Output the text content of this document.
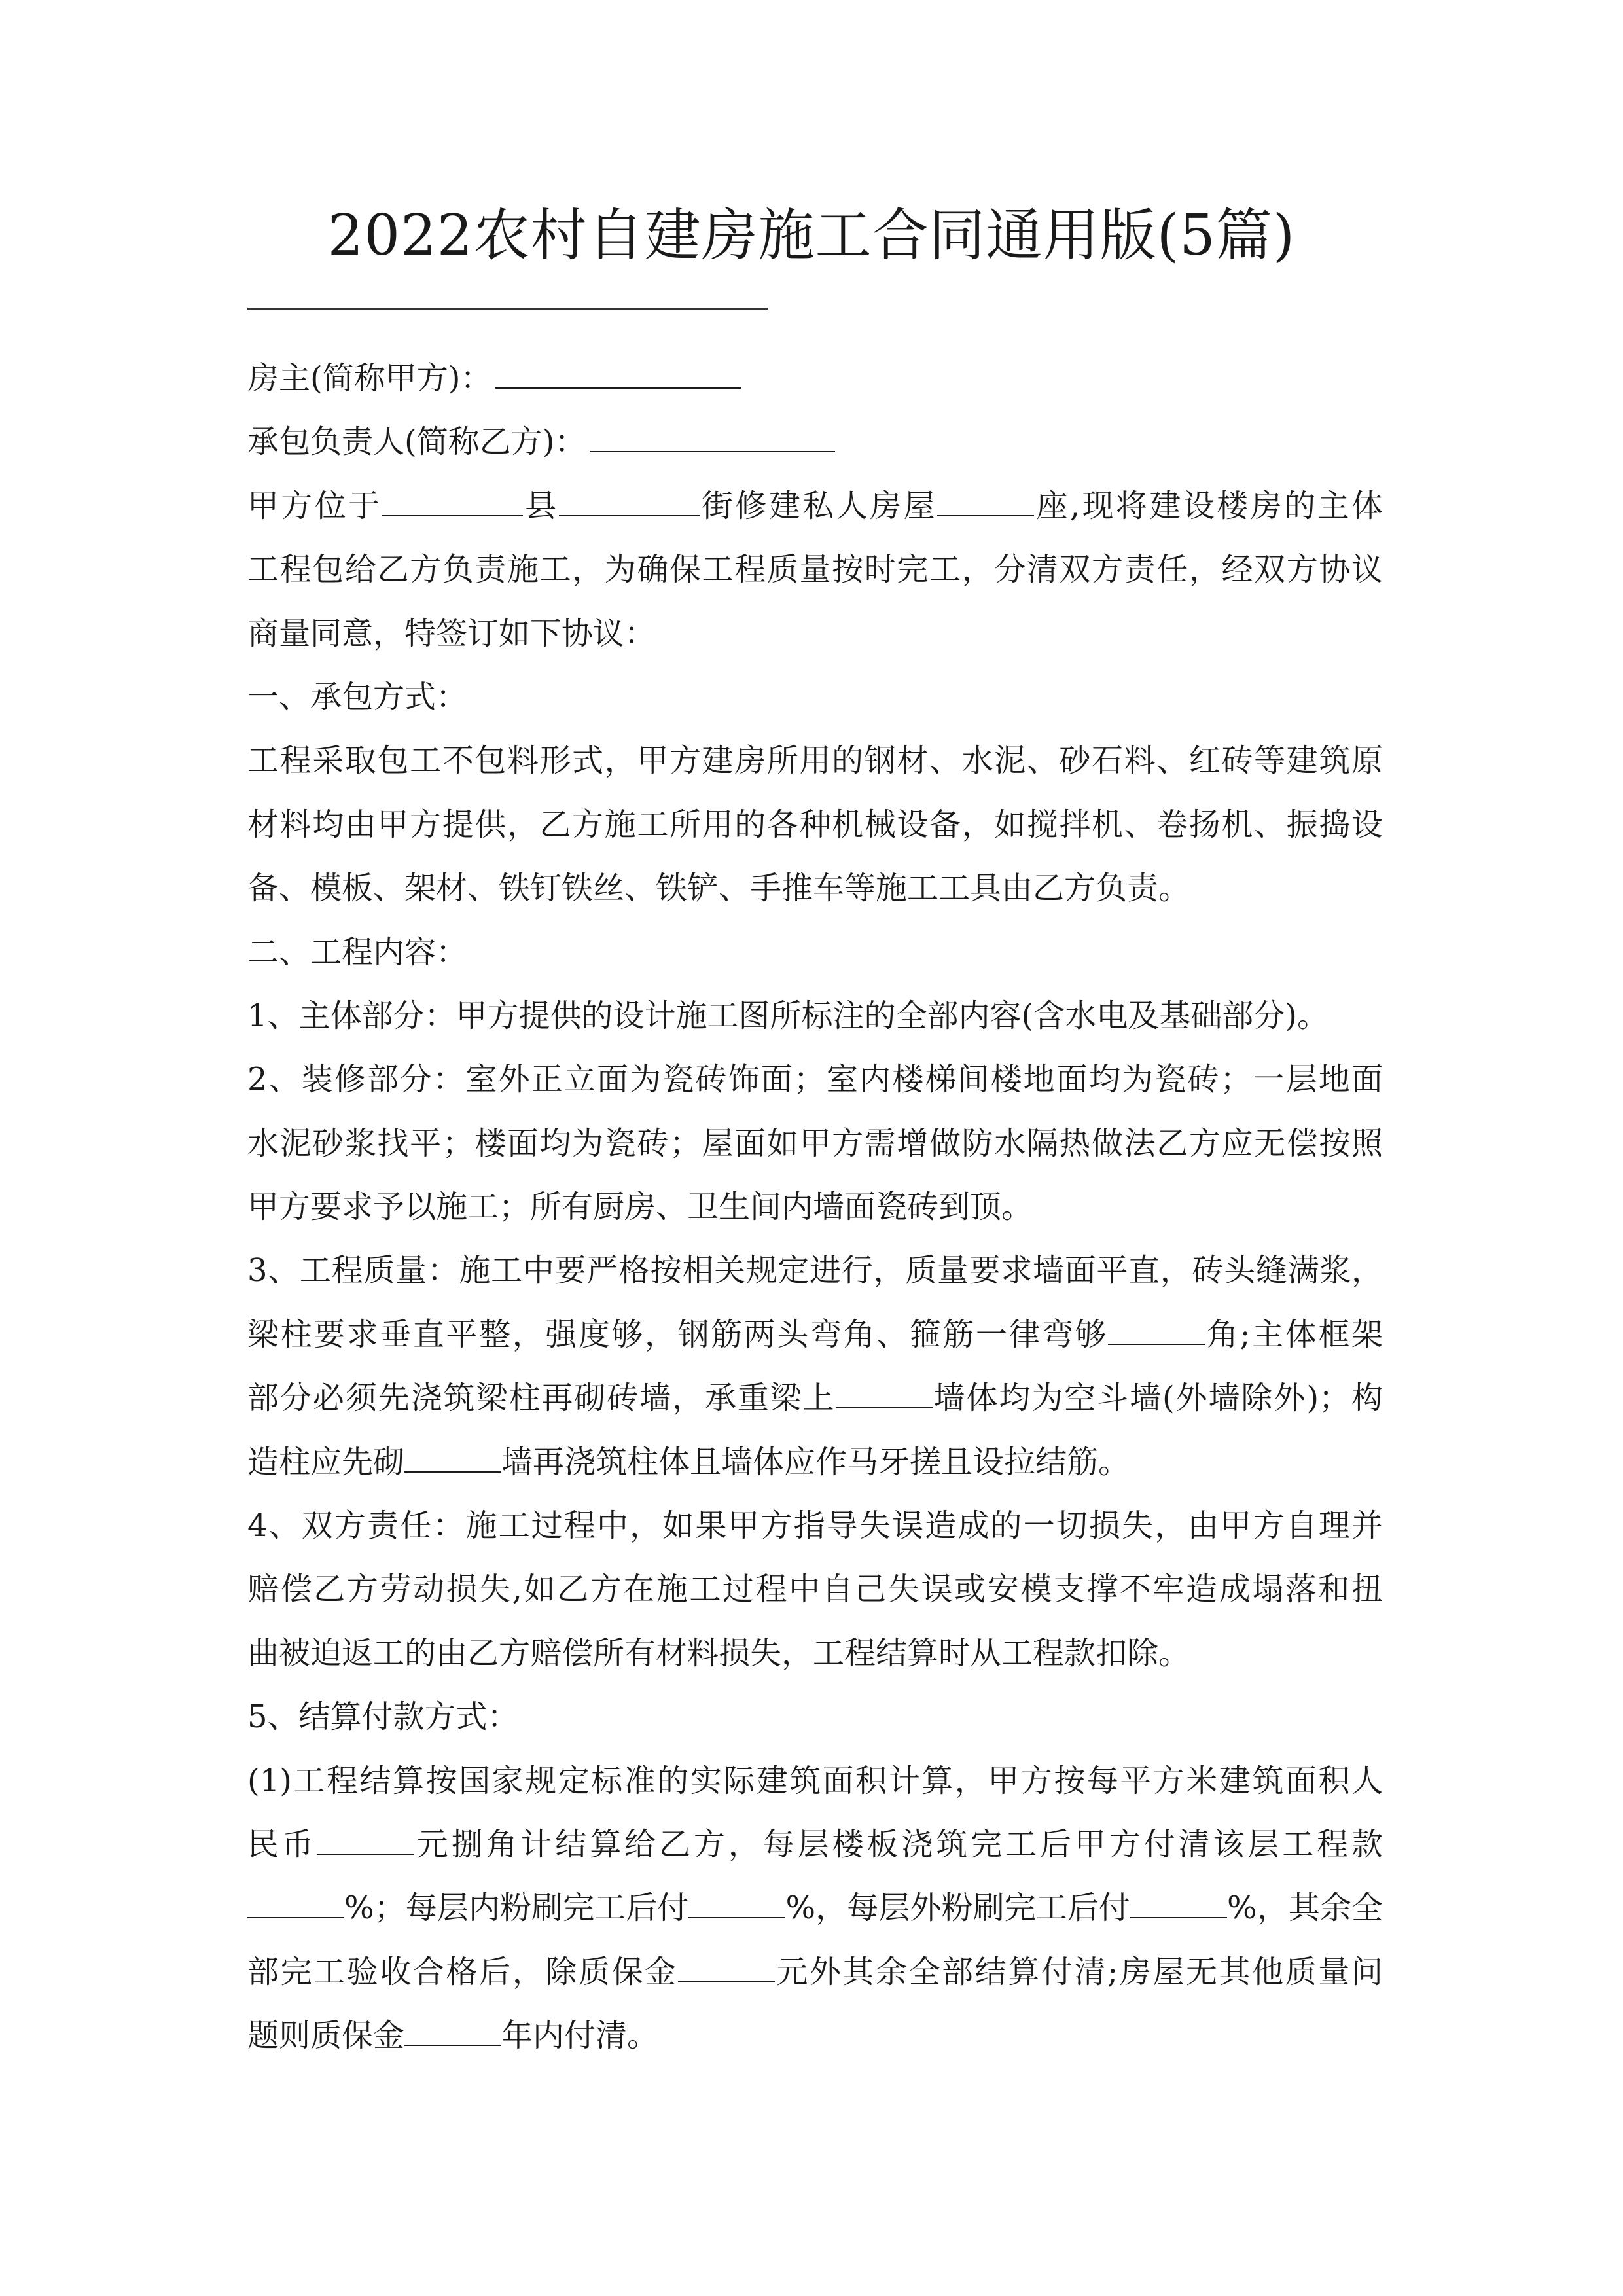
2022农村自建房施工合同通用版(5篇)
房主(简称甲方)：
承包负责人(简称乙方)：
甲方位于	县	街修建私人房屋	座,现将建设楼房的主体
工程包给乙方负责施工，为确保工程质量按时完工，分清双方责任，经双方协议
商量同意，特签订如下协议：
一、承包方式：
工程采取包工不包料形式，甲方建房所用的钢材、水泥、砂石料、红砖等建筑原
材料均由甲方提供，乙方施工所用的各种机械设备，如搅拌机、卷扬机、振捣设
备、模板、架材、铁钉铁丝、铁铲、手推车等施工工具由乙方负责。
二、工程内容：
1、主体部分：甲方提供的设计施工图所标注的全部内容(含水电及基础部分)。
2、装修部分：室外正立面为瓷砖饰面；室内楼梯间楼地面均为瓷砖；一层地面
水泥砂浆找平；楼面均为瓷砖；屋面如甲方需增做防水隔热做法乙方应无偿按照
甲方要求予以施工；所有厨房、卫生间内墙面瓷砖到顶。
3、工程质量：施工中要严格按相关规定进行，质量要求墙面平直，砖头缝满浆，
梁柱要求垂直平整，强度够，钢筋两头弯角、箍筋一律弯够	角;主体框架
部分必须先浇筑梁柱再砌砖墙，承重梁上	墙体均为空斗墙(外墙除外)；构
造柱应先砌	墙再浇筑柱体且墙体应作马牙搓且设拉结筋。
4、双方责任：施工过程中，如果甲方指导失误造成的一切损失，由甲方自理并
赔偿乙方劳动损失,如乙方在施工过程中自己失误或安模支撑不牢造成塌落和扭
曲被迫返工的由乙方赔偿所有材料损失，工程结算时从工程款扣除。
5、结算付款方式：
(1)工程结算按国家规定标准的实际建筑面积计算，甲方按每平方米建筑面积人
民币	元捌角计结算给乙方，每层楼板浇筑完工后甲方付清该层工程款
%；每层内粉刷完工后付	%，每层外粉刷完工后付	%，其余全
部完工验收合格后，除质保金	元外其余全部结算付清;房屋无其他质量问
题则质保金	年内付清。
